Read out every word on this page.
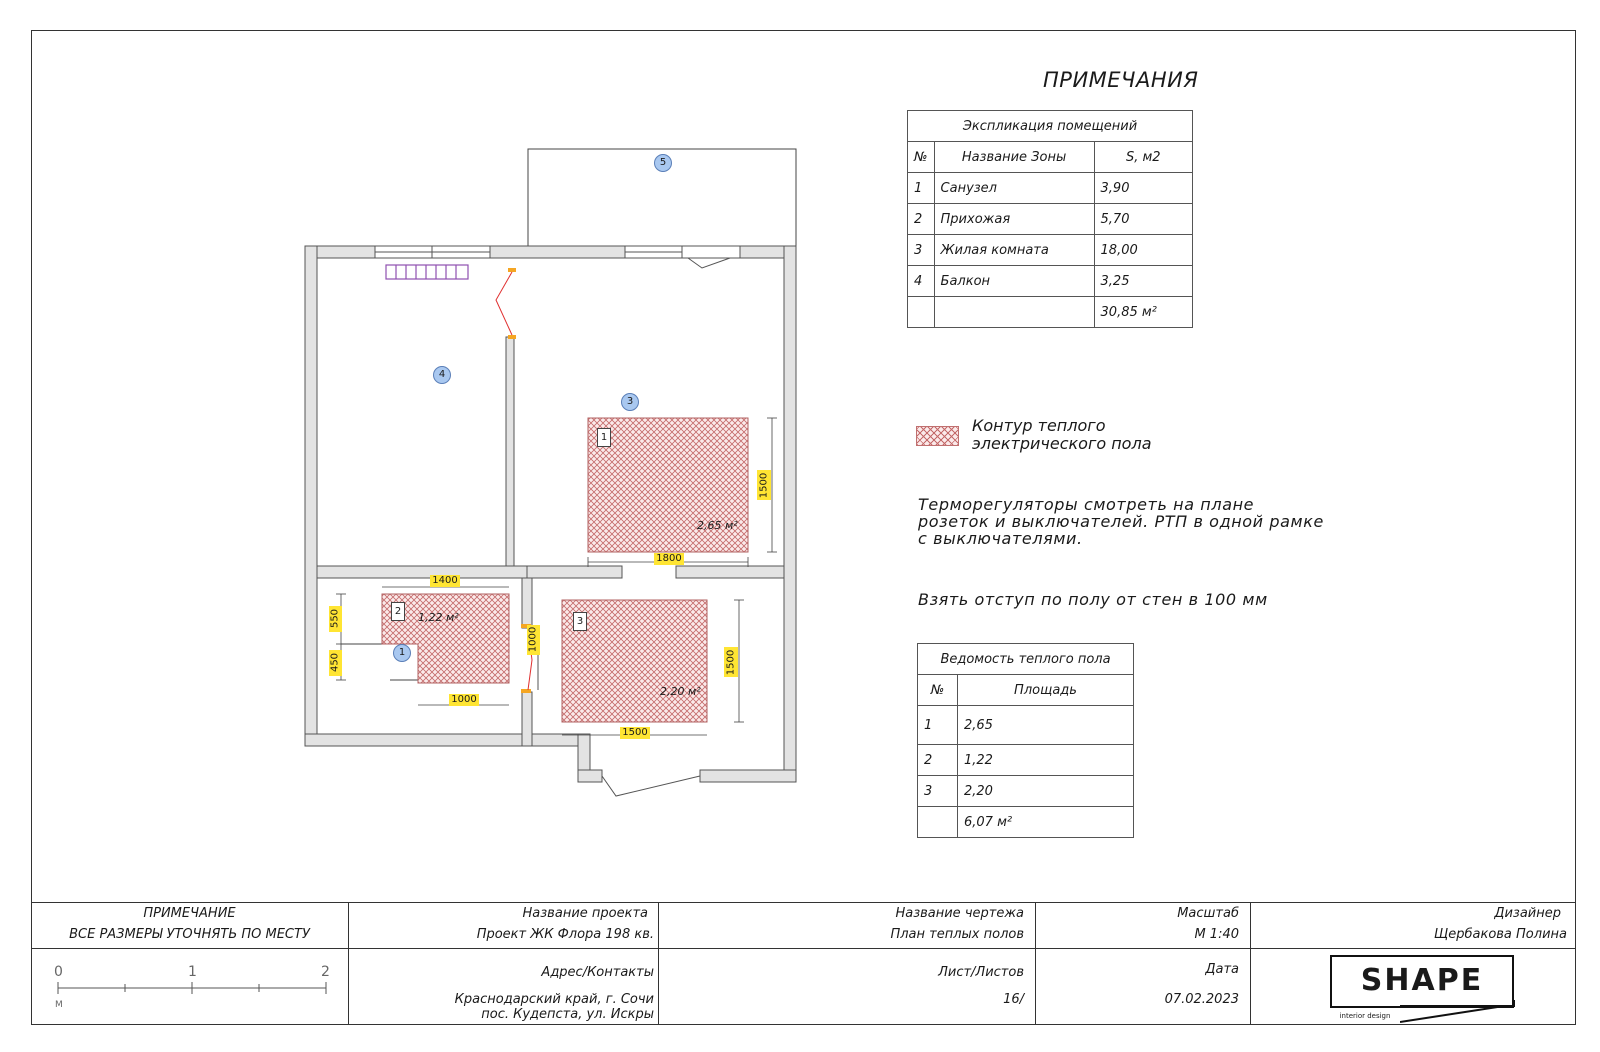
1500
1800
1400
550
450
1000
1000
1500
1500
1
3
4
5
1
2
3
2,65 м²
1,22 м²
2,20 м²
ПРИМЕЧАНИЯ
Экспликация помещений		
№	Название Зоны	S, м2
1	Санузел	3,90
2	Прихожая	5,70
3	Жилая комната	18,00
4	Балкон	3,25
		30,85 м²
Контур теплого
электрического пола
Терморегуляторы смотреть на плане
розеток и выключателей. РТП в одной рамке
с выключателями.
Взять отступ по полу от стен в 100 мм
Ведомость теплого пола	
№	Площадь
1	2,65
2	1,22
3	2,20
	6,07 м²
ПРИМЕЧАНИЕ
ВСЕ РАЗМЕРЫ УТОЧНЯТЬ ПО МЕСТУ
Название проекта
Проект ЖК Флора 198 кв.
Название чертежа
План теплых полов
Масштаб
М 1:40
Дизайнер
Щербакова Полина
Адрес/Контакты
Краснодарский край, г. Сочи
пос. Кудепста, ул. Искры
Лист/Листов
16/
Дата
07.02.2023
0	1	2
М
SHAPE
interior design
